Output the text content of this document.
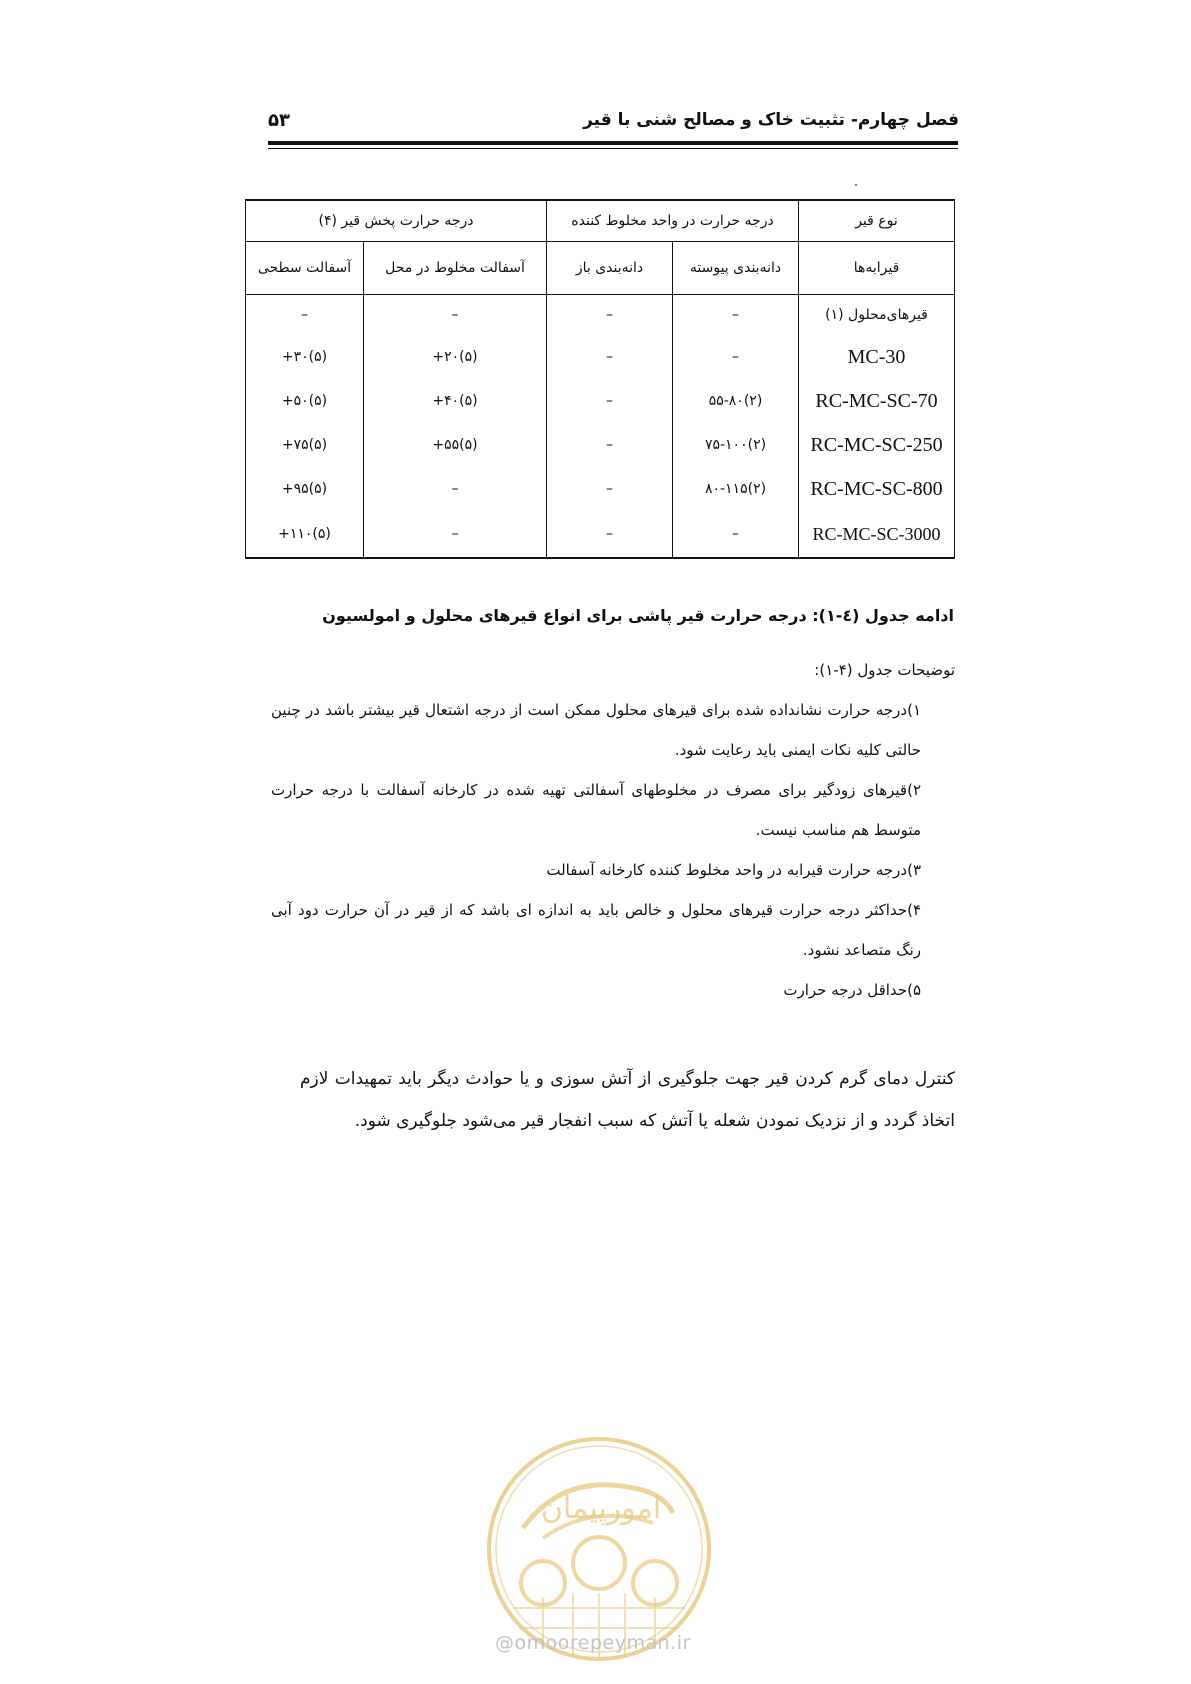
فصل چهارم- تثبیت خاک و مصالح شنی با قیر
۵۳
نوع قیر	درجه حرارت در واحد مخلوط کننده		درجه حرارت پخش قیر (۴)	
قیرابه‌ها	دانه‌بندی پیوسته	دانه‌بندی باز	آسفالت مخلوط در محل	آسفالت سطحی
قیرهای‌محلول (۱)	–	–	–	–
MC-30	–	–	(۵)۲۰+	(۵)۳۰+
RC-MC-SC-70	(۲)۵۵-۸۰	–	(۵)۴۰+	(۵)۵۰+
RC-MC-SC-250	(۲)۷۵-۱۰۰	–	(۵)۵۵+	(۵)۷۵+
RC-MC-SC-800	(۲)۸۰-۱۱۵	–	–	(۵)۹۵+
RC-MC-SC-3000	–	–	–	(۵)۱۱۰+
ادامه جدول (٤-١): درجه حرارت قیر پاشی برای انواع قیرهای محلول و امولسیون
توضیحات جدول (۴-۱):
۱)درجه حرارت نشانداده شده برای قیرهای محلول ممکن است از درجه اشتعال قیر بیشتر باشد در چنین حالتی کلیه نکات ایمنی باید رعایت شود.
۲)قیرهای زودگیر برای مصرف در مخلوطهای آسفالتی تهیه شده در کارخانه آسفالت با درجه حرارت متوسط هم مناسب نیست.
۳)درجه حرارت قیرابه در واحد مخلوط کننده کارخانه آسفالت
۴)حداکثر درجه حرارت قیرهای محلول و خالص باید به اندازه ای باشد که از قیر در آن حرارت دود آبی رنگ متصاعد نشود.
۵)حداقل درجه حرارت
کنترل دمای گرم کردن قیر جهت جلوگیری از آتش سوزی و یا حوادث دیگر باید تمهیدات لازم اتخاذ گردد و از نزدیک نمودن شعله یا آتش که سبب انفجار قیر می‌شود جلوگیری شود.
امورپیمان
@omoorepeyman.ir
